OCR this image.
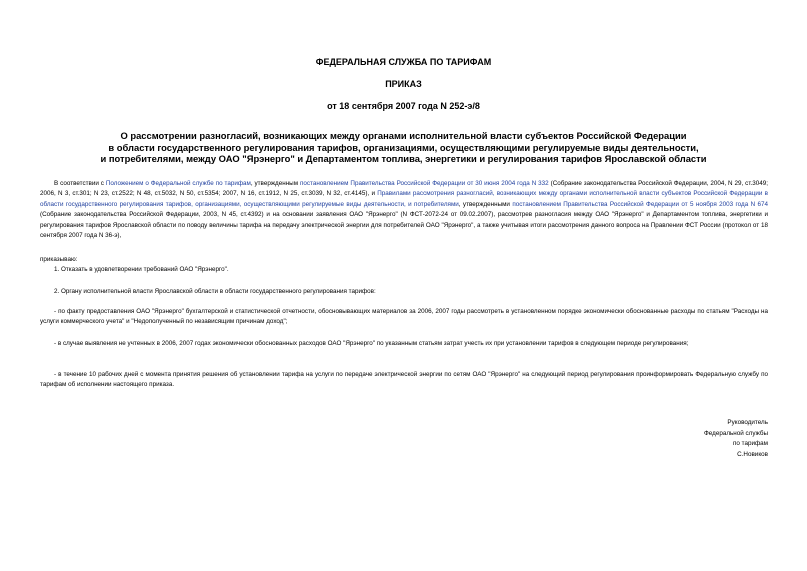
ФЕДЕРАЛЬНАЯ СЛУЖБА ПО ТАРИФАМ

ПРИКАЗ

от 18 сентября 2007 года N 252-э/8

О рассмотрении разногласий, возникающих между органами исполнительной власти субъектов Российской Федерации
в области государственного регулирования тарифов, организациями, осуществляющими регулируемые виды деятельности,
и потребителями, между ОАО "Ярэнерго" и Департаментом топлива, энергетики и регулирования тарифов Ярославской области

В соответствии с Положением о Федеральной службе по тарифам, утвержденным постановлением Правительства Российской Федерации от 30 июня 2004 года N 332 (Собрание законодательства Российской Федерации, 2004, N 29, ст.3049; 2006, N 3, ст.301; N 23, ст.2522; N 48, ст.5032, N 50, ст.5354; 2007, N 16, ст.1912, N 25, ст.3039, N 32, ст.4145), и Правилами рассмотрения разногласий, возникающих между органами исполнительной власти субъектов Российской Федерации в области государственного регулирования тарифов, организациями, осуществляющими регулируемые виды деятельности, и потребителями, утвержденными постановлением Правительства Российской Федерации от 5 ноября 2003 года N 674 (Собрание законодательства Российской Федерации, 2003, N 45, ст.4392) и на основании заявления ОАО "Ярэнерго" (N ФСТ-2072-24 от 09.02.2007), рассмотрев разногласия между ОАО "Ярэнерго" и Департаментом топлива, энергетики и регулирования тарифов Ярославской области по поводу величины тарифа на передачу электрической энергии для потребителей ОАО "Ярэнерго", а также учитывая итоги рассмотрения данного вопроса на Правлении ФСТ России (протокол от 18 сентября 2007 года N 36-э),

приказываю:

1. Отказать в удовлетворении требований ОАО "Ярэнерго".

2. Органу исполнительной власти Ярославской области в области государственного регулирования тарифов:

- по факту предоставления ОАО "Ярэнерго" бухгалтерской и статистической отчетности, обосновывающих материалов за 2006, 2007 годы рассмотреть в установленном порядке экономически обоснованные расходы по статьям "Расходы на услуги коммерческого учета" и "Недополученный по независящим причинам доход";

- в случае выявления не учтенных в 2006, 2007 годах экономически обоснованных расходов ОАО "Ярэнерго" по указанным статьям затрат учесть их при установлении тарифов в следующем периоде регулирования;

- в течение 10 рабочих дней с момента принятия решения об установлении тарифа на услуги по передаче электрической энергии по сетям ОАО "Ярэнерго" на следующий период регулирования проинформировать Федеральную службу по тарифам об исполнении настоящего приказа.

Руководитель
Федеральной службы
по тарифам
С.Новиков
